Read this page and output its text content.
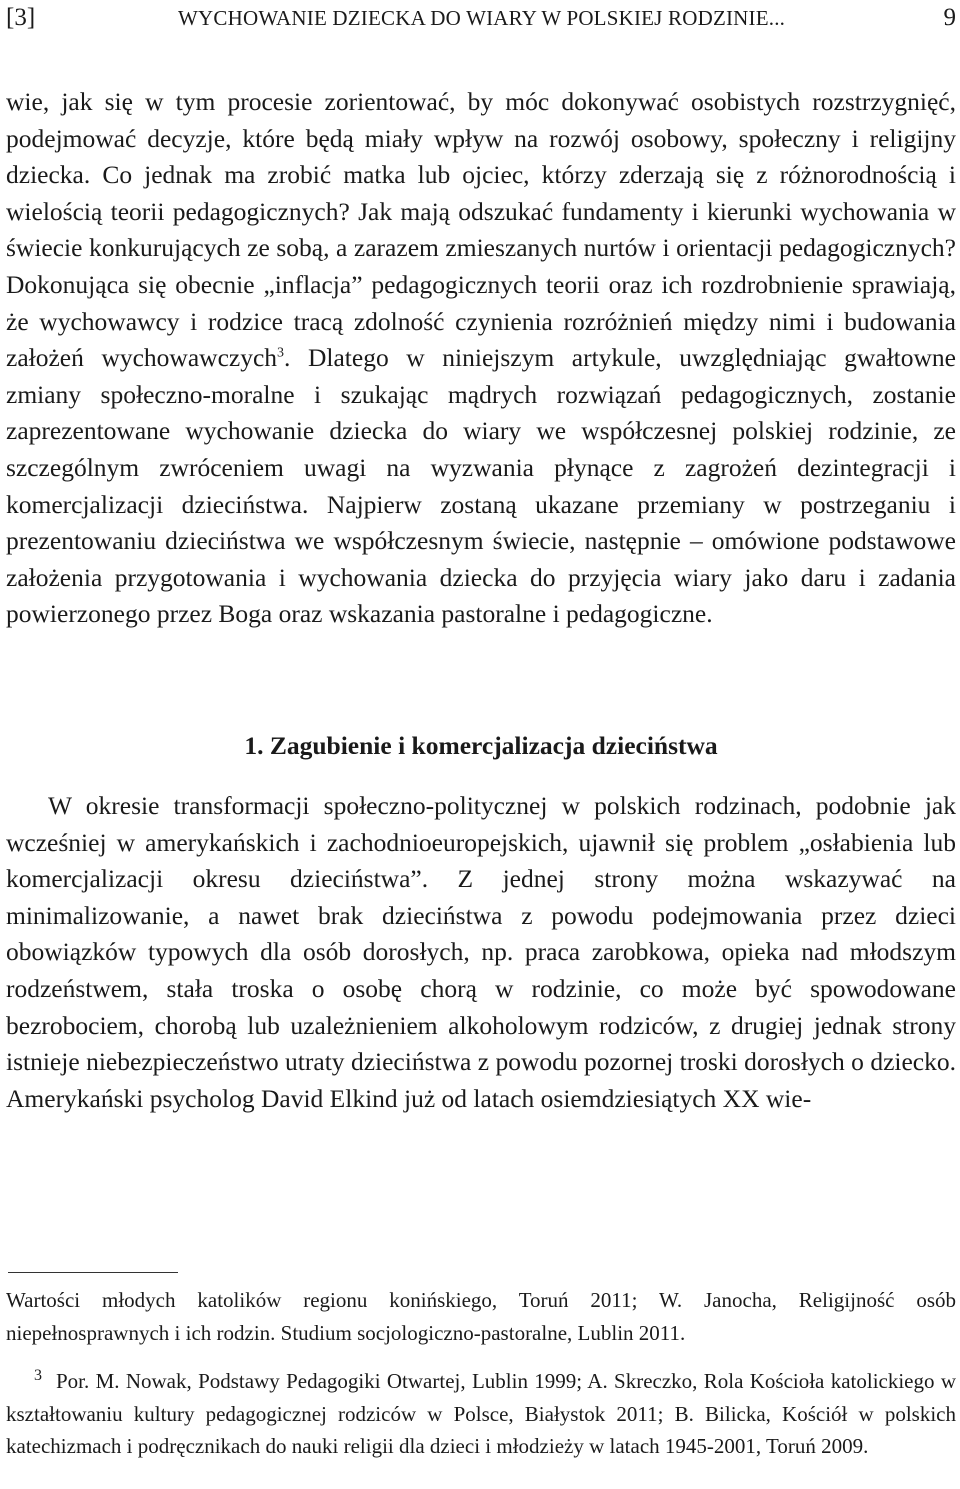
[3]	WYCHOWANIE DZIECKA DO WIARY W POLSKIEJ RODZINIE...	9

wie, jak się w tym procesie zorientować, by móc dokonywać osobistych rozstrzygnięć, podejmować decyzje, które będą miały wpływ na rozwój osobowy, społeczny i religijny dziecka. Co jednak ma zrobić matka lub ojciec, którzy zderzają się z różnorodnością i wielością teorii pedagogicznych? Jak mają odszukać fundamenty i kierunki wychowania w świecie konkurujących ze sobą, a zarazem zmieszanych nurtów i orientacji pedagogicznych? Dokonująca się obecnie „inflacja” pedagogicznych teorii oraz ich rozdrobnienie sprawiają, że wychowawcy i rodzice tracą zdolność czynienia rozróżnień między nimi i budowania założeń wychowawczych$^3$. Dlatego w niniejszym artykule, uwzględniając gwałtowne zmiany społeczno-moralne i szukając mądrych rozwiązań pedagogicznych, zostanie zaprezentowane wychowanie dziecka do wiary we współczesnej polskiej rodzinie, ze szczególnym zwróceniem uwagi na wyzwania płynące z zagrożeń dezintegracji i komercjalizacji dzieciństwa. Najpierw zostaną ukazane przemiany w postrzeganiu i prezentowaniu dzieciństwa we współczesnym świecie, następnie – omówione podstawowe założenia przygotowania i wychowania dziecka do przyjęcia wiary jako daru i zadania powierzonego przez Boga oraz wskazania pastoralne i pedagogiczne.

1. Zagubienie i komercjalizacja dzieciństwa

W okresie transformacji społeczno-politycznej w polskich rodzinach, podobnie jak wcześniej w amerykańskich i zachodnioeuropejskich, ujawnił się problem „osłabienia lub komercjalizacji okresu dzieciństwa”. Z jednej strony można wskazywać na minimalizowanie, a nawet brak dzieciństwa z powodu podejmowania przez dzieci obowiązków typowych dla osób dorosłych, np. praca zarobkowa, opieka nad młodszym rodzeństwem, stała troska o osobę chorą w rodzinie, co może być spowodowane bezrobociem, chorobą lub uzależnieniem alkoholowym rodziców, z drugiej jednak strony istnieje niebezpieczeństwo utraty dzieciństwa z powodu pozornej troski dorosłych o dziecko. Amerykański psycholog David Elkind już od latach osiemdziesiątych XX wie-

Wartości młodych katolików regionu konińskiego, Toruń 2011; W. Janocha, Religijność osób niepełnosprawnych i ich rodzin. Studium socjologiczno-pastoralne, Lublin 2011.

$^3$ Por. M. Nowak, Podstawy Pedagogiki Otwartej, Lublin 1999; A. Skreczko, Rola Kościoła katolickiego w kształtowaniu kultury pedagogicznej rodziców w Polsce, Białystok 2011; B. Bilicka, Kościół w polskich katechizmach i podręcznikach do nauki religii dla dzieci i młodzieży w latach 1945-2001, Toruń 2009.
